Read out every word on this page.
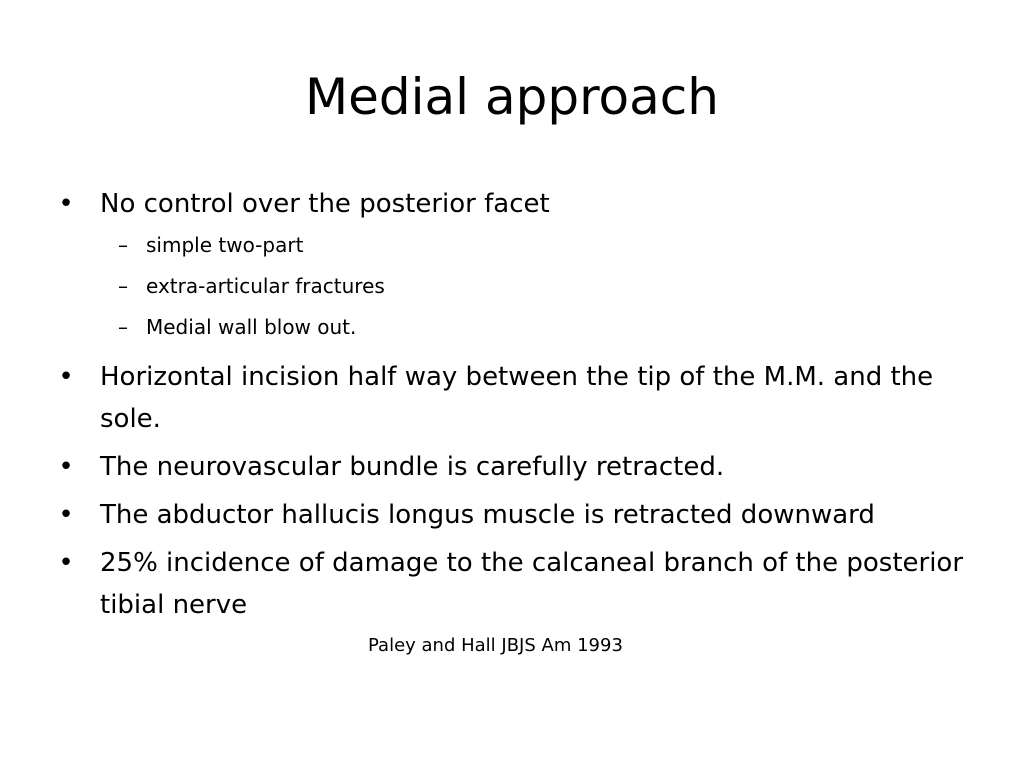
Medial approach
• No control over the posterior facet
– simple two-part
– extra-articular fractures
– Medial wall blow out.
• Horizontal incision half way between the tip of the M.M. and the sole.
• The neurovascular bundle is carefully retracted.
• The abductor hallucis longus muscle is retracted downward
• 25% incidence of damage to the calcaneal branch of the posterior tibial nerve
Paley and Hall JBJS Am 1993
